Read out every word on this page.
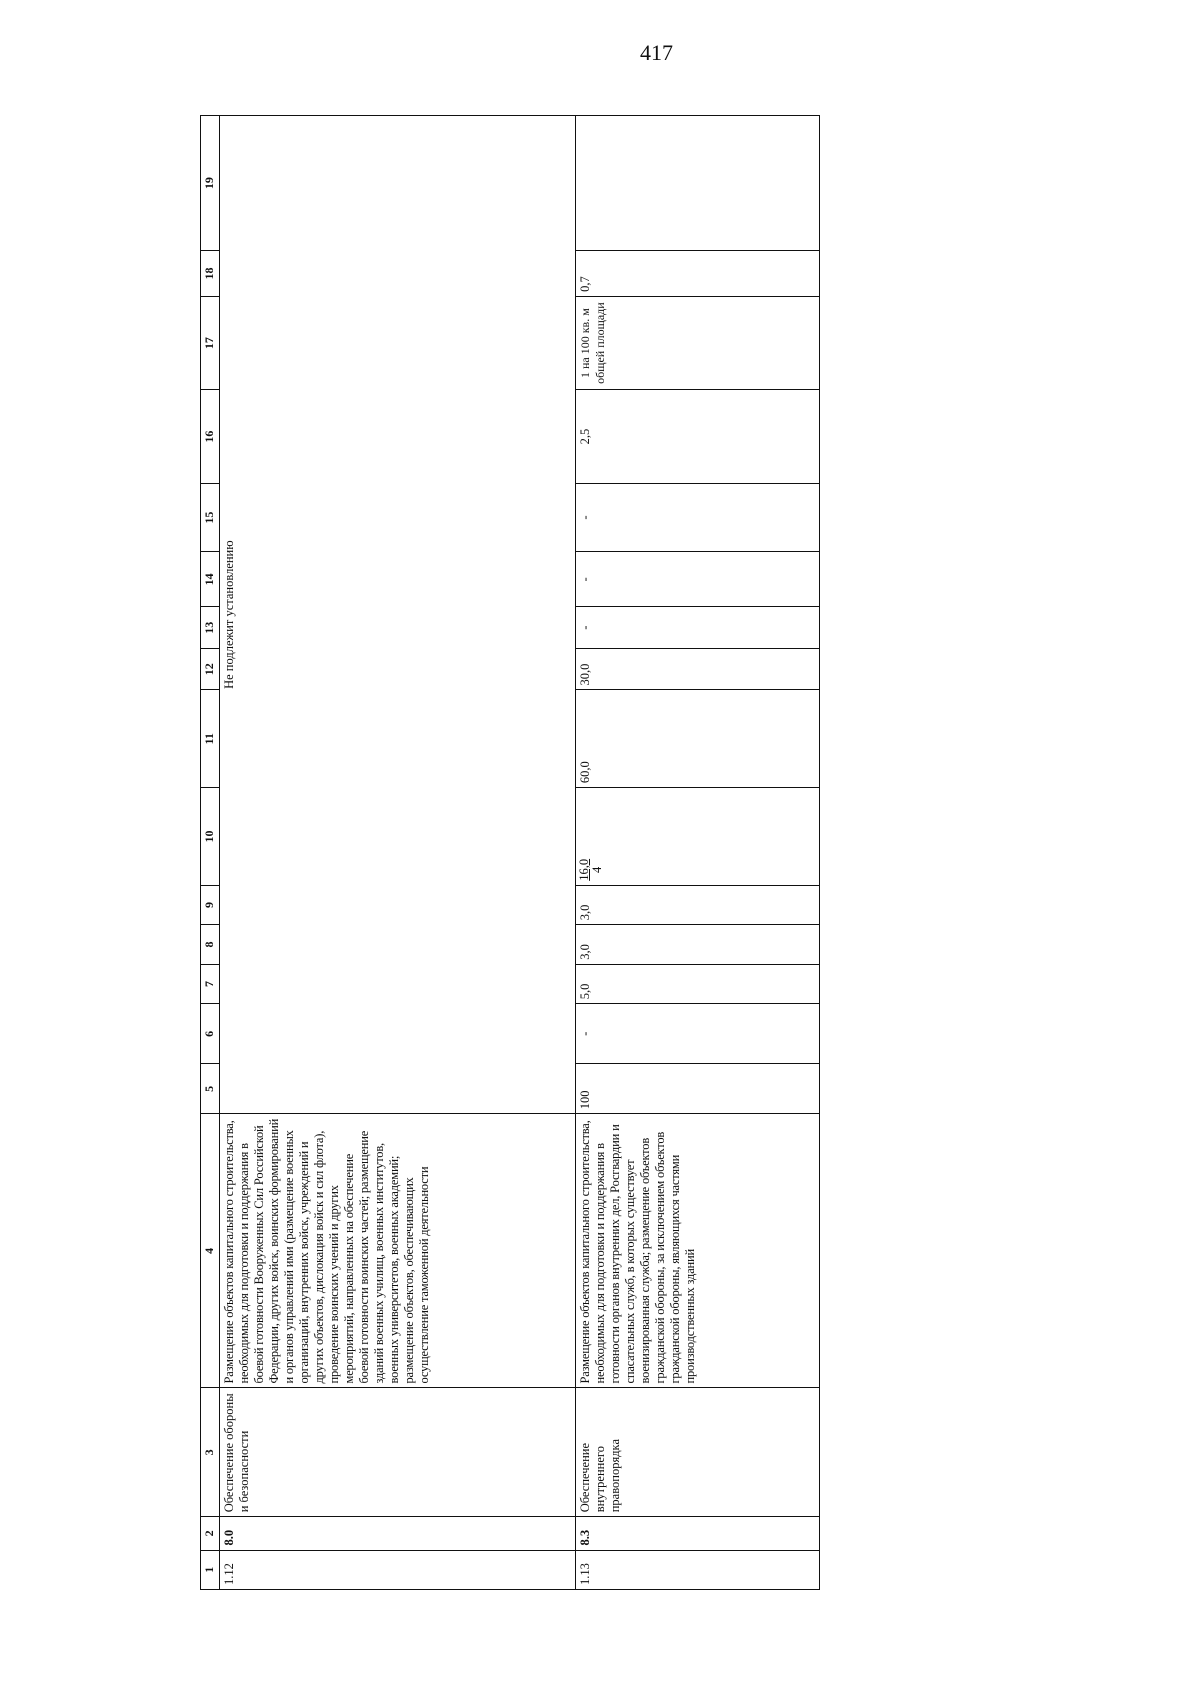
417
1	2	3	4	5	6	7	8	9	10	11	12	13	14	15	16	17	18	19
1.12	8.0	Обеспечение обороны и безопасности	Размещение объектов капитального строительства, необходимых для подготовки и поддержания в боевой готовности Вооруженных Сил Российской Федерации, других войск, воинских формирований и органов управлений ими (размещение военных организаций, внутренних войск, учреждений и других объектов, дислокация войск и сил флота), проведение воинских учений и других мероприятий, направленных на обеспечение боевой готовности воинских частей; размещение зданий военных училищ, военных институтов, военных университетов, военных академий; размещение объектов, обеспечивающих осуществление таможенной деятельности	Не подлежит установлению														
1.13	8.3	Обеспечение внутреннего правопорядка	Размещение объектов капитального строительства, необходимых для подготовки и поддержания в готовности органов внутренних дел, Росгвардии и спасательных служб, в которых существует военизированная служба; размещение объектов гражданской обороны, за исключением объектов гражданской обороны, являющихся частями производственных зданий	100	-	5,0	3,0	3,0	16,0 4	60,0	30,0	-	-	-	2,5	1 на 100 кв. м общей площади	0,7	
